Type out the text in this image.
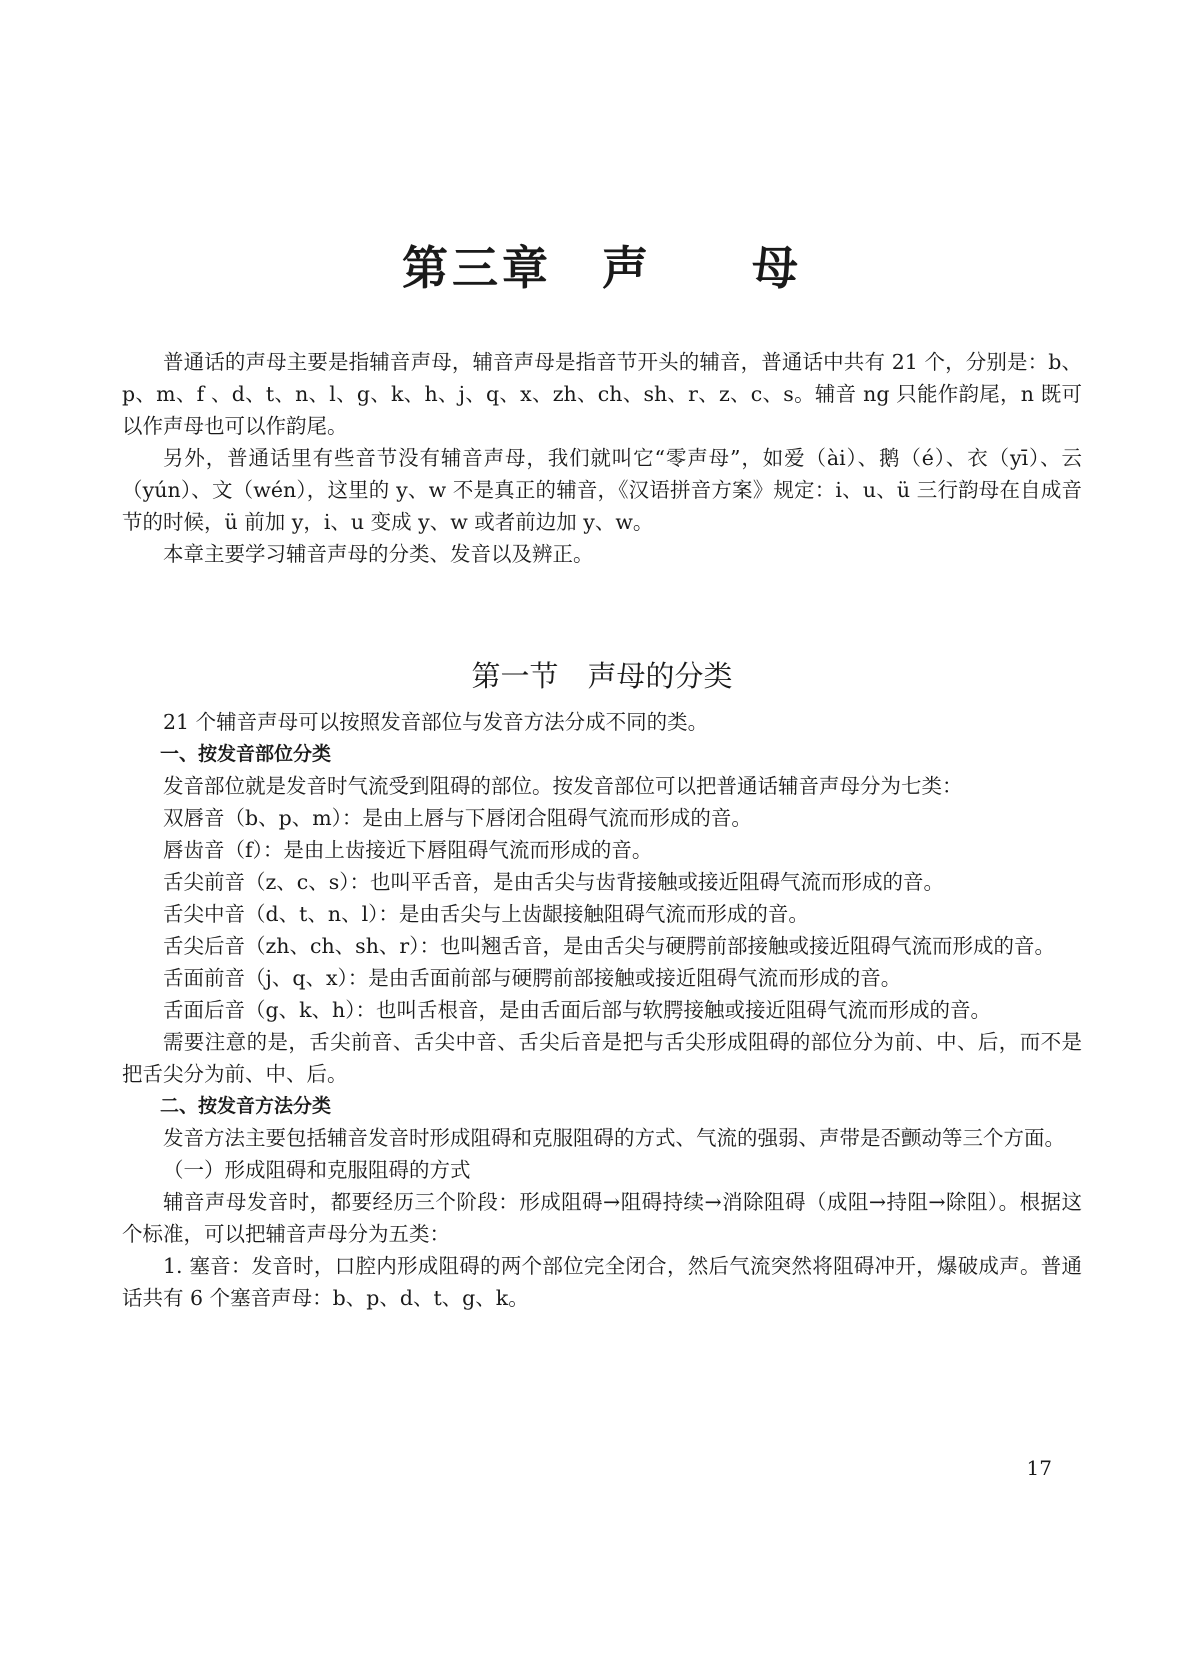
第三章　声　　母

普通话的声母主要是指辅音声母，辅音声母是指音节开头的辅音，普通话中共有 21 个，分别是：b、p、m、f 、d、t、n、l、g、k、h、j、q、x、zh、ch、sh、r、z、c、s。辅音 ng 只能作韵尾，n 既可以作声母也可以作韵尾。

另外，普通话里有些音节没有辅音声母，我们就叫它“零声母”，如爱（ài）、鹅（é）、衣（yī）、云（yún）、文（wén），这里的 y、w 不是真正的辅音，《汉语拼音方案》规定：i、u、ü 三行韵母在自成音节的时候，ü 前加 y，i、u 变成 y、w 或者前边加 y、w。

本章主要学习辅音声母的分类、发音以及辨正。

第一节　声母的分类

21 个辅音声母可以按照发音部位与发音方法分成不同的类。

一、按发音部位分类

发音部位就是发音时气流受到阻碍的部位。按发音部位可以把普通话辅音声母分为七类：

双唇音（b、p、m）：是由上唇与下唇闭合阻碍气流而形成的音。

唇齿音（f）：是由上齿接近下唇阻碍气流而形成的音。

舌尖前音（z、c、s）：也叫平舌音，是由舌尖与齿背接触或接近阻碍气流而形成的音。

舌尖中音（d、t、n、l）：是由舌尖与上齿龈接触阻碍气流而形成的音。

舌尖后音（zh、ch、sh、r）：也叫翘舌音，是由舌尖与硬腭前部接触或接近阻碍气流而形成的音。

舌面前音（j、q、x）：是由舌面前部与硬腭前部接触或接近阻碍气流而形成的音。

舌面后音（g、k、h）：也叫舌根音，是由舌面后部与软腭接触或接近阻碍气流而形成的音。

需要注意的是，舌尖前音、舌尖中音、舌尖后音是把与舌尖形成阻碍的部位分为前、中、后，而不是把舌尖分为前、中、后。

二、按发音方法分类

发音方法主要包括辅音发音时形成阻碍和克服阻碍的方式、气流的强弱、声带是否颤动等三个方面。

（一）形成阻碍和克服阻碍的方式

辅音声母发音时，都要经历三个阶段：形成阻碍→阻碍持续→消除阻碍（成阻→持阻→除阻）。根据这个标准，可以把辅音声母分为五类：

1. 塞音：发音时，口腔内形成阻碍的两个部位完全闭合，然后气流突然将阻碍冲开，爆破成声。普通话共有 6 个塞音声母：b、p、d、t、g、k。

17
